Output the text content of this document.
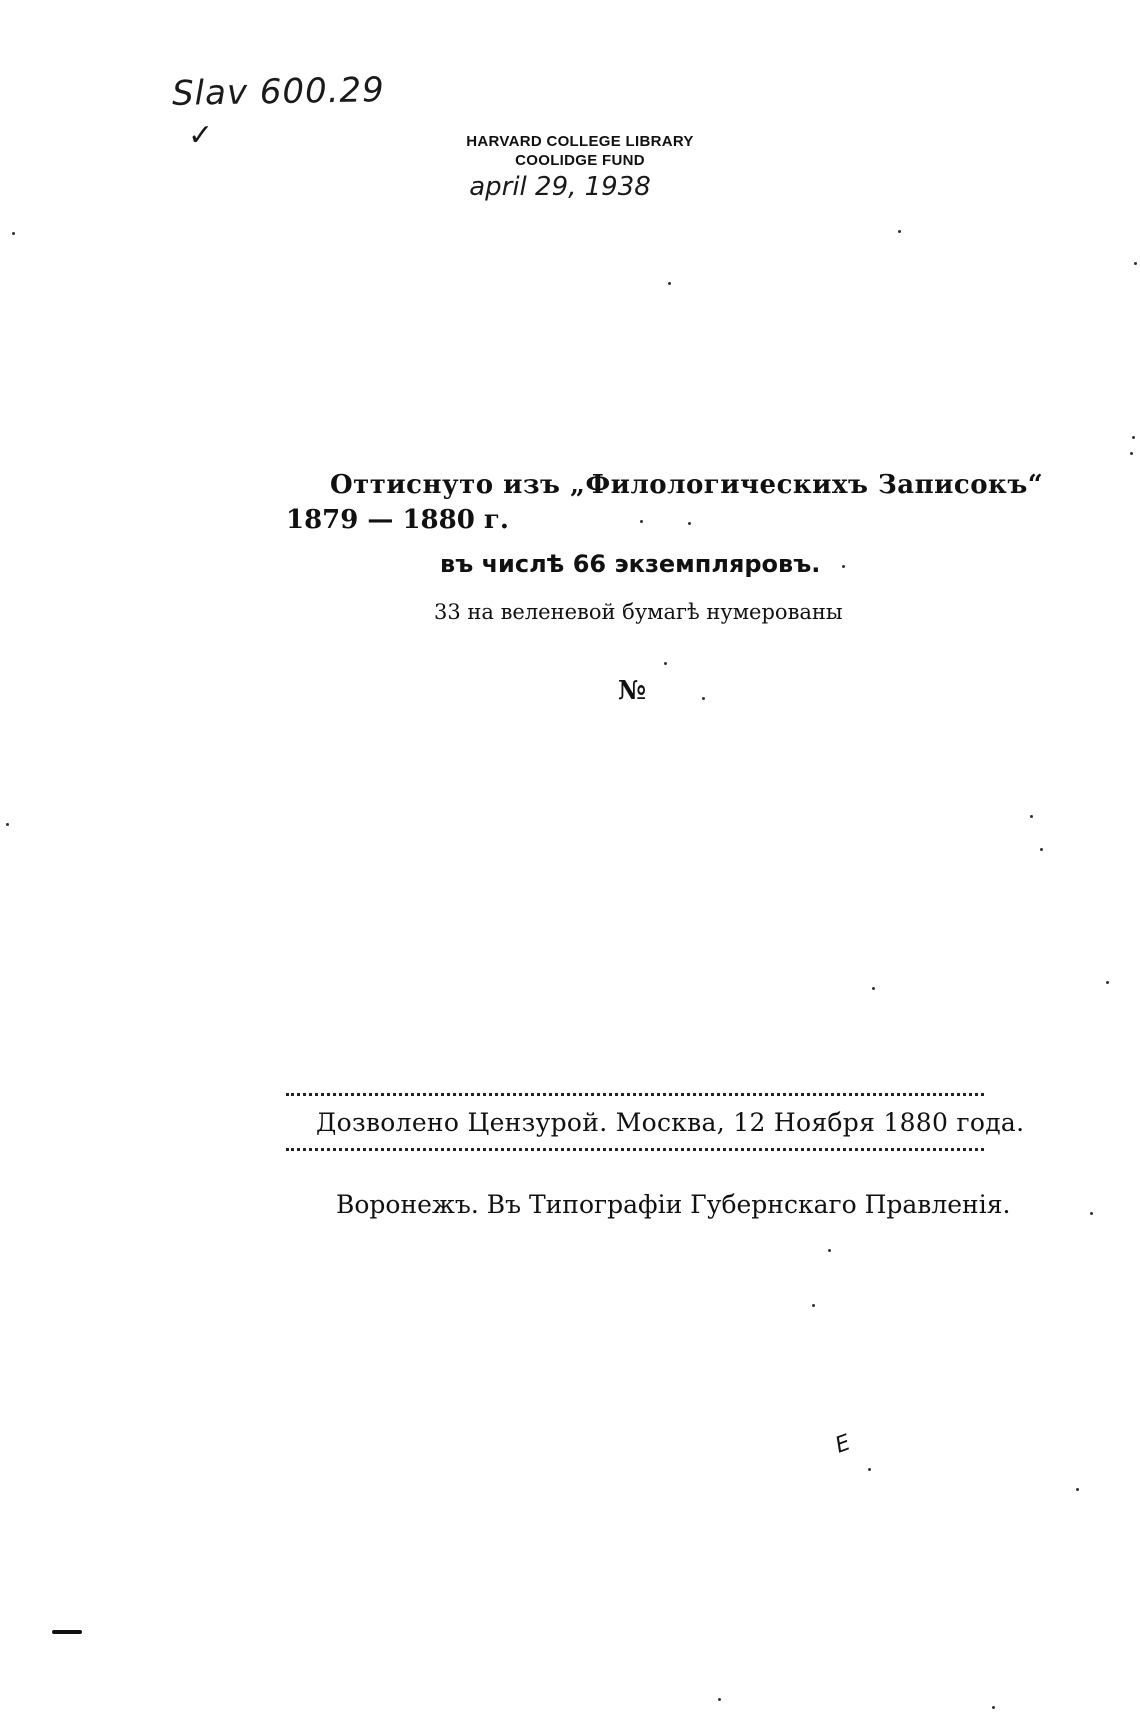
Slav 600.29
✓	HARVARD COLLEGE LIBRARY
COOLIDGE FUND
april 29, 1938
Оттиснуто изъ „Филологическихъ Записокъ“
1879 — 1880 г.
въ числѣ 66 экземпляровъ.
33 на веленевой бумагѣ нумерованы
№
Дозволено Цензурой. Москва, 12 Ноября 1880 года.
Воронежъ. Въ Типографіи Губернскаго Правленія.
E
